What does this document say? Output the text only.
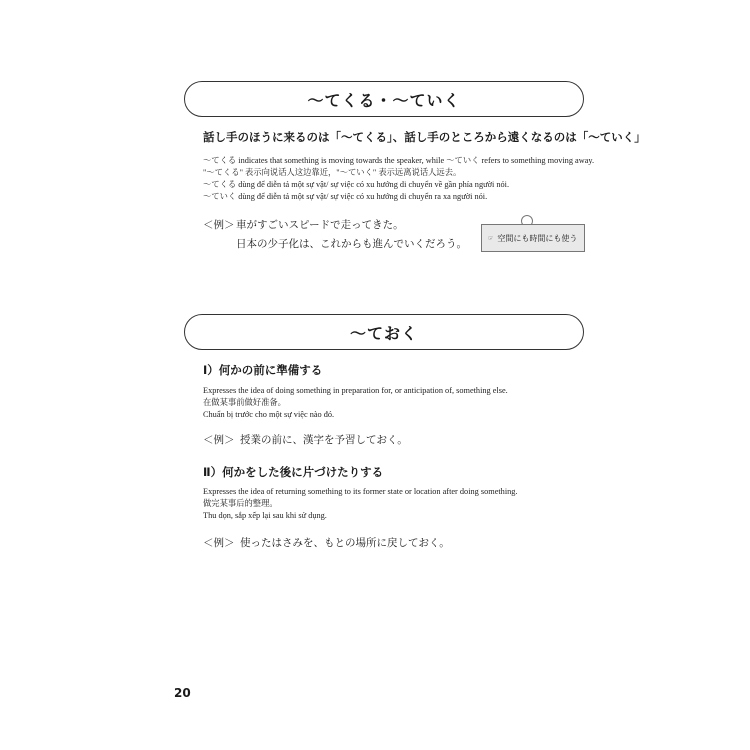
～てくる・～ていく
話し手のほうに来るのは「～てくる」、話し手のところから遠くなるのは「～ていく」
～てくる indicates that something is moving towards the speaker, while ～ていく refers to something moving away.
"～てくる" 表示向说话人这边靠近，"～ていく" 表示远离说话人远去。
～てくる dùng để diễn tả một sự vật/ sự việc có xu hướng di chuyển về gần phía người nói.
～ていく dùng để diễn tả một sự vật/ sự việc có xu hướng di chuyển ra xa người nói.
＜例＞ 車がすごいスピードで走ってきた。
日本の少子化は、これからも進んでいくだろう。	☞ 空間にも時間にも使う
～ておく
Ⅰ）何かの前に準備する
Expresses the idea of doing something in preparation for, or anticipation of, something else.
在做某事前做好准备。
Chuẩn bị trước cho một sự việc nào đó.
＜例＞ 授業の前に、漢字を予習しておく。
Ⅱ）何かをした後に片づけたりする
Expresses the idea of returning something to its former state or location after doing something.
做完某事后的整理。
Thu dọn, sắp xếp lại sau khi sử dụng.
＜例＞ 使ったはさみを、もとの場所に戻しておく。
20
